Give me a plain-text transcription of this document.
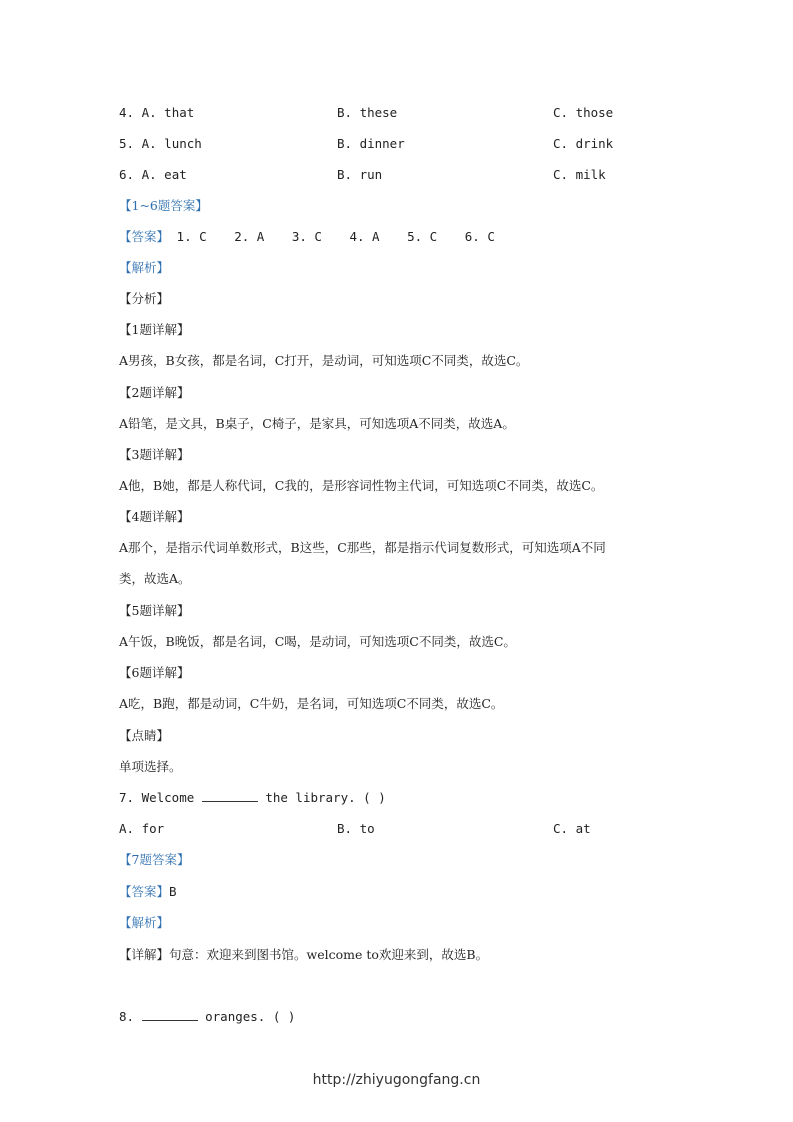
4. A. that	B. these	C. those
5. A. lunch	B. dinner	C. drink
6. A. eat	B. run	C. milk
【1~6题答案】
【答案】 1. C 2. A 3. C 4. A 5. C 6. C
【解析】
【分析】
【1题详解】
A男孩，B女孩，都是名词，C打开，是动词，可知选项C不同类，故选C。
【2题详解】
A铅笔，是文具，B桌子，C椅子，是家具，可知选项A不同类，故选A。
【3题详解】
A他，B她，都是人称代词，C我的，是形容词性物主代词，可知选项C不同类，故选C。
【4题详解】
A那个，是指示代词单数形式，B这些，C那些，都是指示代词复数形式，可知选项A不同
类，故选A。
【5题详解】
A午饭，B晚饭，都是名词，C喝，是动词，可知选项C不同类，故选C。
【6题详解】
A吃，B跑，都是动词，C牛奶，是名词，可知选项C不同类，故选C。
【点睛】
单项选择。
7. Welcome	the library. ( )
A. for	B. to	C. at
【7题答案】
【答案】B
【解析】
【详解】句意：欢迎来到图书馆。welcome to欢迎来到，故选B。
8.	oranges. ( )
http://zhiyugongfang.cn
